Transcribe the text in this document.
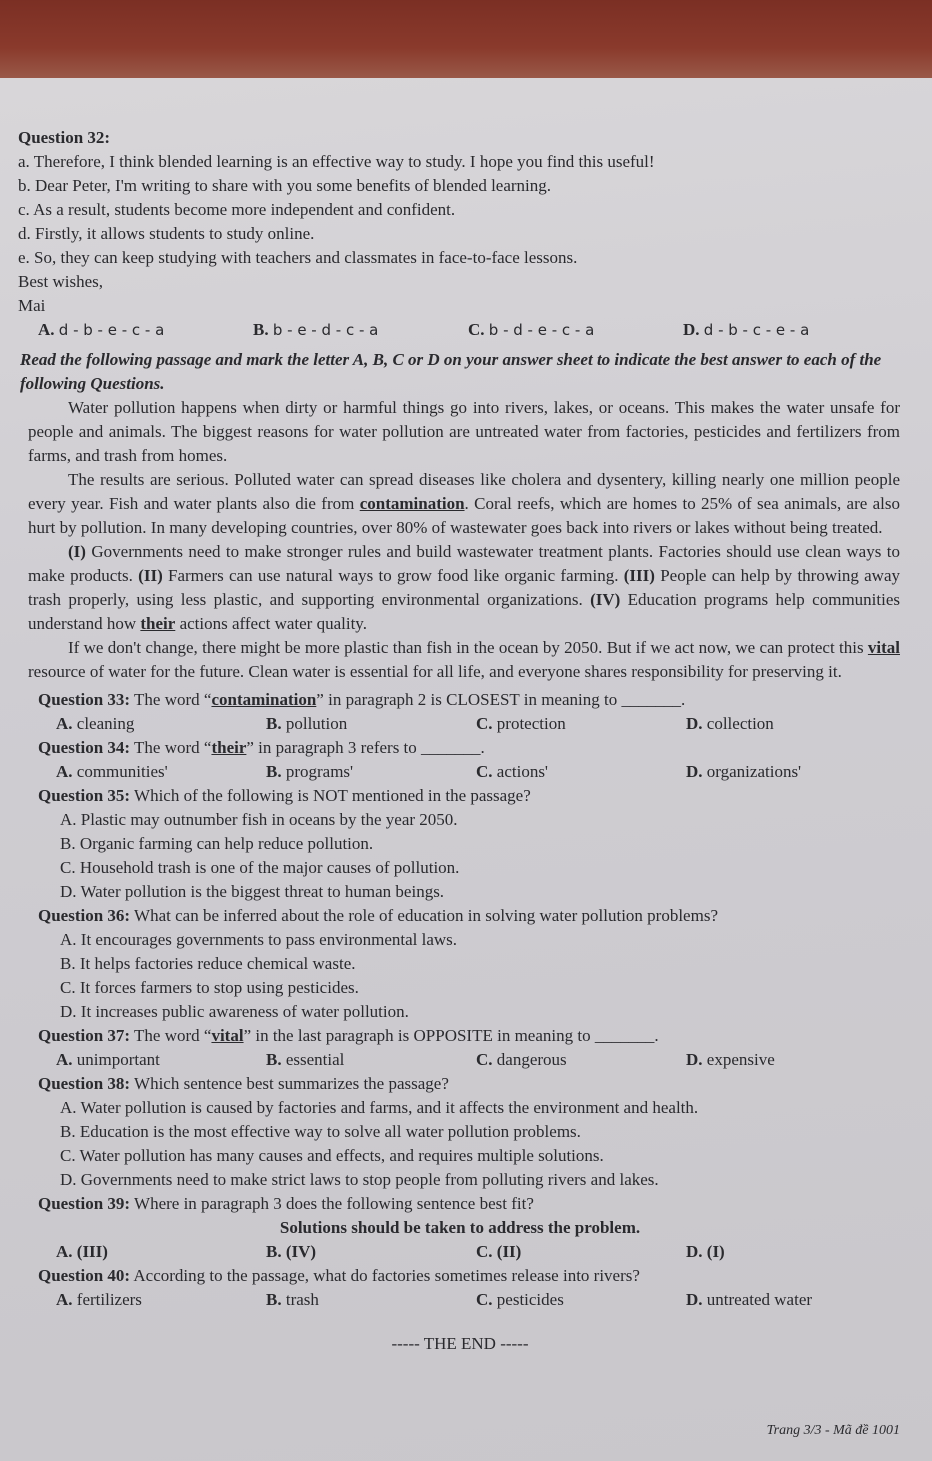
Question 32:
a. Therefore, I think blended learning is an effective way to study. I hope you find this useful!
b. Dear Peter, I'm writing to share with you some benefits of blended learning.
c. As a result, students become more independent and confident.
d. Firstly, it allows students to study online.
e. So, they can keep studying with teachers and classmates in face-to-face lessons.
Best wishes,
Mai
A. d - b - e - c - a	B. b - e - d - c - a	C. b - d - e - c - a	D. d - b - c - e - a
Read the following passage and mark the letter A, B, C or D on your answer sheet to indicate the best answer to each of the following Questions.
Water pollution happens when dirty or harmful things go into rivers, lakes, or oceans. This makes the water unsafe for people and animals. The biggest reasons for water pollution are untreated water from factories, pesticides and fertilizers from farms, and trash from homes.
The results are serious. Polluted water can spread diseases like cholera and dysentery, killing nearly one million people every year. Fish and water plants also die from contamination. Coral reefs, which are homes to 25% of sea animals, are also hurt by pollution. In many developing countries, over 80% of wastewater goes back into rivers or lakes without being treated.
(I) Governments need to make stronger rules and build wastewater treatment plants. Factories should use clean ways to make products. (II) Farmers can use natural ways to grow food like organic farming. (III) People can help by throwing away trash properly, using less plastic, and supporting environmental organizations. (IV) Education programs help communities understand how their actions affect water quality.
If we don't change, there might be more plastic than fish in the ocean by 2050. But if we act now, we can protect this vital resource of water for the future. Clean water is essential for all life, and everyone shares responsibility for preserving it.
Question 33: The word “contamination” in paragraph 2 is CLOSEST in meaning to _______.
A. cleaning	B. pollution	C. protection	D. collection
Question 34: The word “their” in paragraph 3 refers to _______.
A. communities'	B. programs'	C. actions'	D. organizations'
Question 35: Which of the following is NOT mentioned in the passage?
A. Plastic may outnumber fish in oceans by the year 2050.
B. Organic farming can help reduce pollution.
C. Household trash is one of the major causes of pollution.
D. Water pollution is the biggest threat to human beings.
Question 36: What can be inferred about the role of education in solving water pollution problems?
A. It encourages governments to pass environmental laws.
B. It helps factories reduce chemical waste.
C. It forces farmers to stop using pesticides.
D. It increases public awareness of water pollution.
Question 37: The word “vital” in the last paragraph is OPPOSITE in meaning to _______.
A. unimportant	B. essential	C. dangerous	D. expensive
Question 38: Which sentence best summarizes the passage?
A. Water pollution is caused by factories and farms, and it affects the environment and health.
B. Education is the most effective way to solve all water pollution problems.
C. Water pollution has many causes and effects, and requires multiple solutions.
D. Governments need to make strict laws to stop people from polluting rivers and lakes.
Question 39: Where in paragraph 3 does the following sentence best fit?
Solutions should be taken to address the problem.
A. (III)	B. (IV)	C. (II)	D. (I)
Question 40: According to the passage, what do factories sometimes release into rivers?
A. fertilizers	B. trash	C. pesticides	D. untreated water
----- THE END -----
Trang 3/3 - Mã đề 1001
